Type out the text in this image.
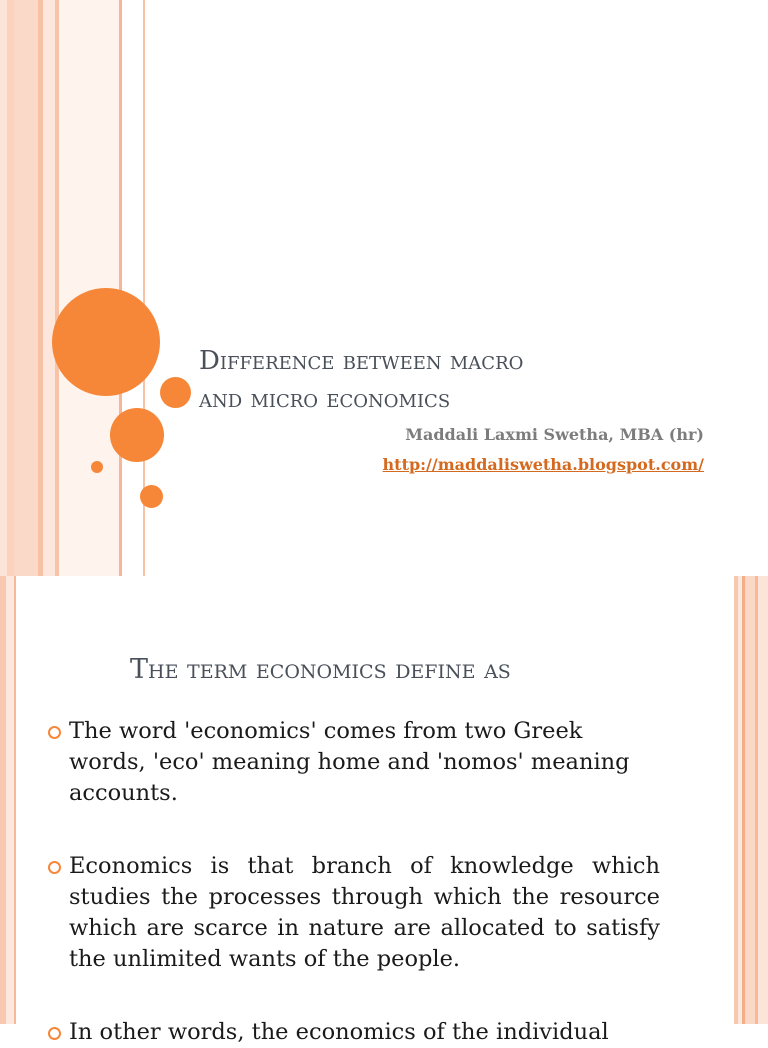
Difference between macro
and micro economics
Maddali Laxmi Swetha, MBA (hr)
http://maddaliswetha.blogspot.com/
The term economics define as
The word 'economics' comes from two Greek words, 'eco' meaning home and 'nomos' meaning accounts.
Economics is that branch of knowledge which studies the processes through which the resource which are scarce in nature are allocated to satisfy the unlimited wants of the people.
In other words, the economics of the individual
